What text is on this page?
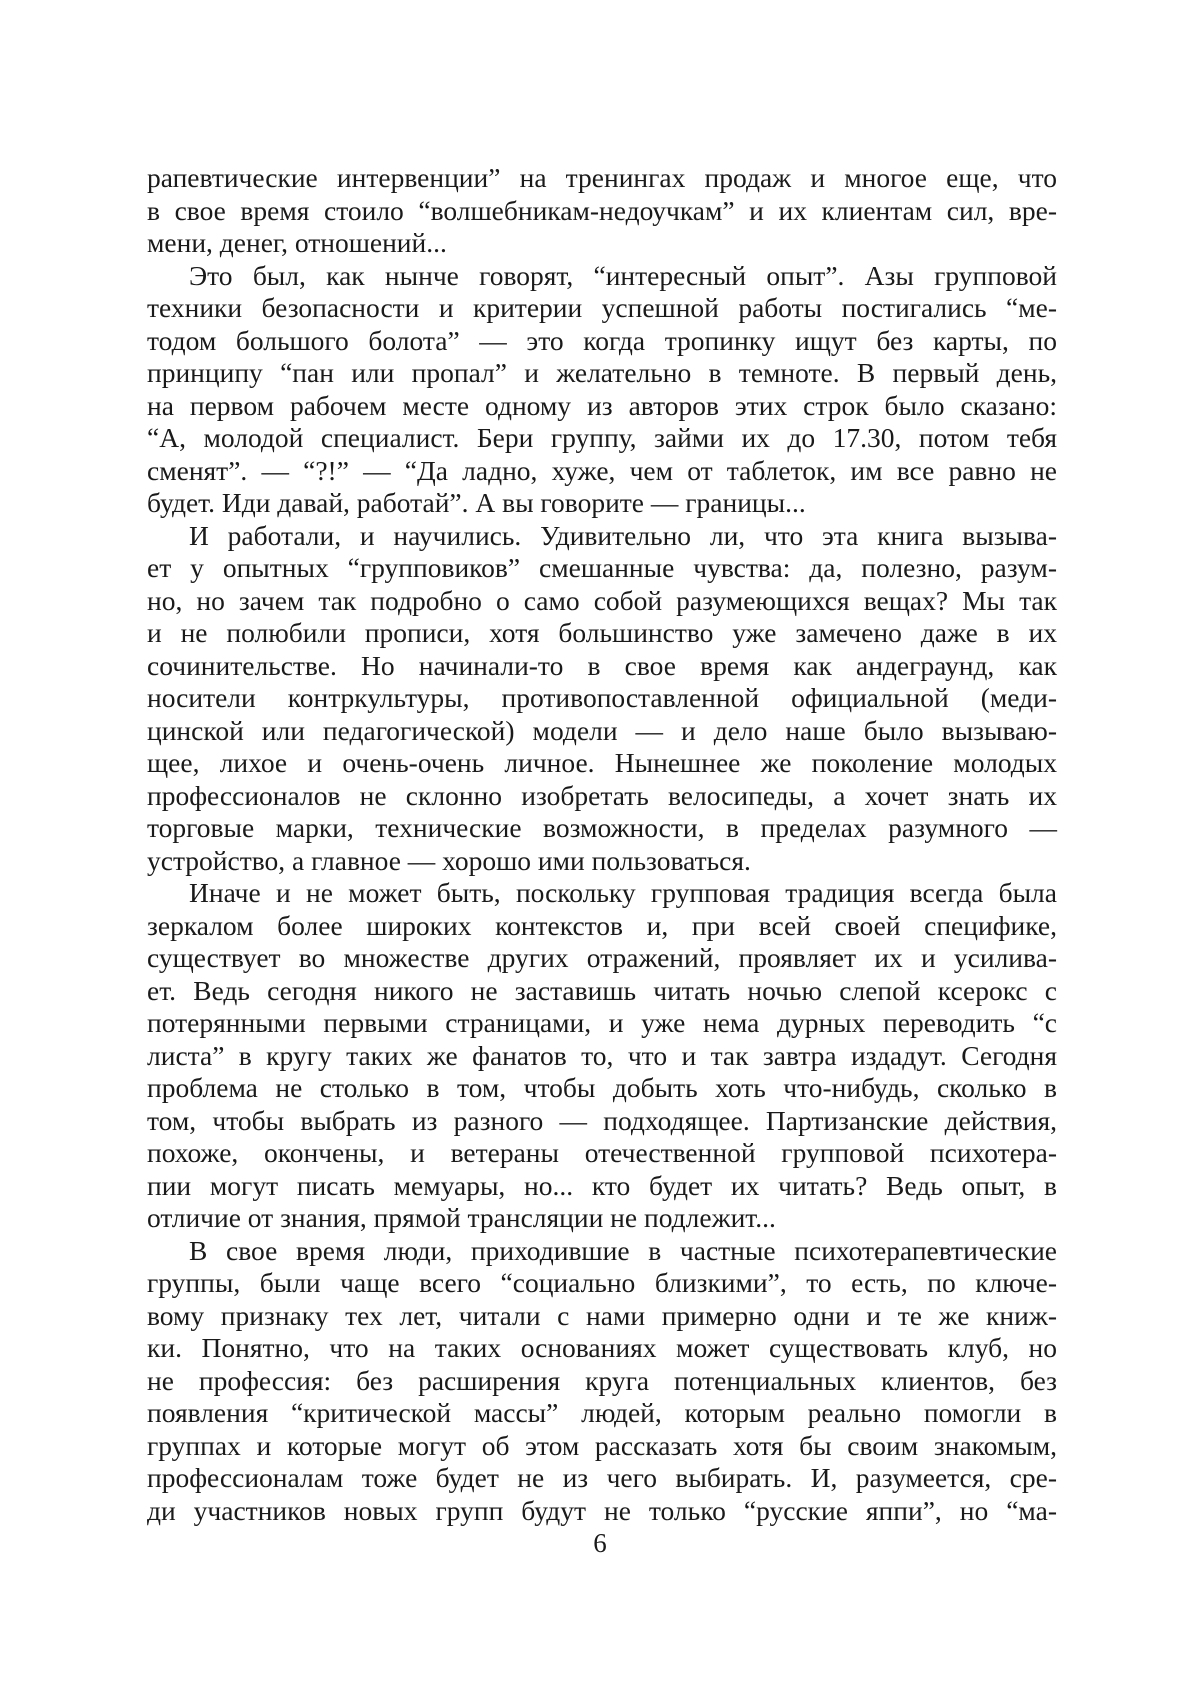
рапевтические интервенции” на тренингах продаж и многое еще, что
в свое время стоило “волшебникам-недоучкам” и их клиентам сил, вре-
мени, денег, отношений...
Это был, как нынче говорят, “интересный опыт”. Азы групповой
техники безопасности и критерии успешной работы постигались “ме-
тодом большого болота” — это когда тропинку ищут без карты, по
принципу “пан или пропал” и желательно в темноте. В первый день,
на первом рабочем месте одному из авторов этих строк было сказано:
“А, молодой специалист. Бери группу, займи их до 17.30, потом тебя
сменят”. — “?!” — “Да ладно, хуже, чем от таблеток, им все равно не
будет. Иди давай, работай”. А вы говорите — границы...
И работали, и научились. Удивительно ли, что эта книга вызыва-
ет у опытных “групповиков” смешанные чувства: да, полезно, разум-
но, но зачем так подробно о само собой разумеющихся вещах? Мы так
и не полюбили прописи, хотя большинство уже замечено даже в их
сочинительстве. Но начинали-то в свое время как андеграунд, как
носители контркультуры, противопоставленной официальной (меди-
цинской или педагогической) модели — и дело наше было вызываю-
щее, лихое и очень-очень личное. Нынешнее же поколение молодых
профессионалов не склонно изобретать велосипеды, а хочет знать их
торговые марки, технические возможности, в пределах разумного —
устройство, а главное — хорошо ими пользоваться.
Иначе и не может быть, поскольку групповая традиция всегда была
зеркалом более широких контекстов и, при всей своей специфике,
существует во множестве других отражений, проявляет их и усилива-
ет. Ведь сегодня никого не заставишь читать ночью слепой ксерокс с
потерянными первыми страницами, и уже нема дурных переводить “с
листа” в кругу таких же фанатов то, что и так завтра издадут. Сегодня
проблема не столько в том, чтобы добыть хоть что-нибудь, сколько в
том, чтобы выбрать из разного — подходящее. Партизанские действия,
похоже, окончены, и ветераны отечественной групповой психотера-
пии могут писать мемуары, но... кто будет их читать? Ведь опыт, в
отличие от знания, прямой трансляции не подлежит...
В свое время люди, приходившие в частные психотерапевтические
группы, были чаще всего “социально близкими”, то есть, по ключе-
вому признаку тех лет, читали с нами примерно одни и те же книж-
ки. Понятно, что на таких основаниях может существовать клуб, но
не профессия: без расширения круга потенциальных клиентов, без
появления “критической массы” людей, которым реально помогли в
группах и которые могут об этом рассказать хотя бы своим знакомым,
профессионалам тоже будет не из чего выбирать. И, разумеется, сре-
ди участников новых групп будут не только “русские яппи”, но “ма-
6
